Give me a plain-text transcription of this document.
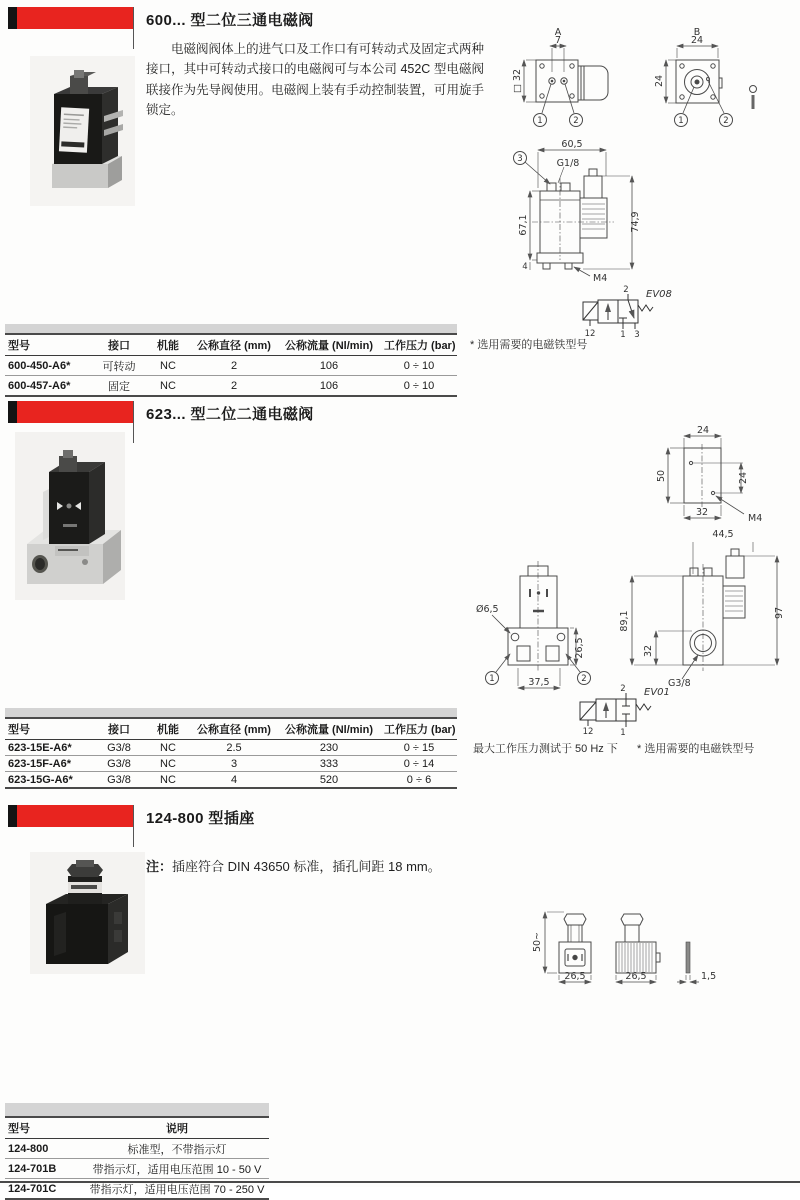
600... 型二位三通电磁阀
电磁阀阀体上的进气口及工作口有可转动式及固定式两种接口，其中可转动式接口的电磁阀可与本公司 452C 型电磁阀联接作为先导阀使用。电磁阀上装有手动控制装置，可用旋手锁定。
A
7
□ 32
B
24
24
1	2	1	2
60,5
3	G1/8
67,1	74,9
4
M4
2 EV08
12	1 3
* 选用需要的电磁铁型号
型号	接口	机能	公称直径 (mm)	公称流量 (Nl/min)	工作压力 (bar)
600-450-A6*	可转动	NC	2	106	0 ÷ 10
600-457-A6*	固定	NC	2	106	0 ÷ 10
623... 型二位二通电磁阀
24
50	24
32
M4
44,5
Ø6,5
1	2
37,5
26,5
89,1
32
97
G3/8
2 EV01
12	1
最大工作压力测试于 50 Hz 下 * 选用需要的电磁铁型号
型号	接口	机能	公称直径 (mm)	公称流量 (Nl/min)	工作压力 (bar)
623-15E-A6*	G3/8	NC	2.5	230	0 ÷ 15
623-15F-A6*	G3/8	NC	3	333	0 ÷ 14
623-15G-A6*	G3/8	NC	4	520	0 ÷ 6
124-800 型插座
注：插座符合 DIN 43650 标准，插孔间距 18 mm。
50~
26,5	26,5	1,5
型号	说明
124-800	标准型，不带指示灯
124-701B	带指示灯，适用电压范围 10 - 50 V
124-701C	带指示灯，适用电压范围 70 - 250 V
